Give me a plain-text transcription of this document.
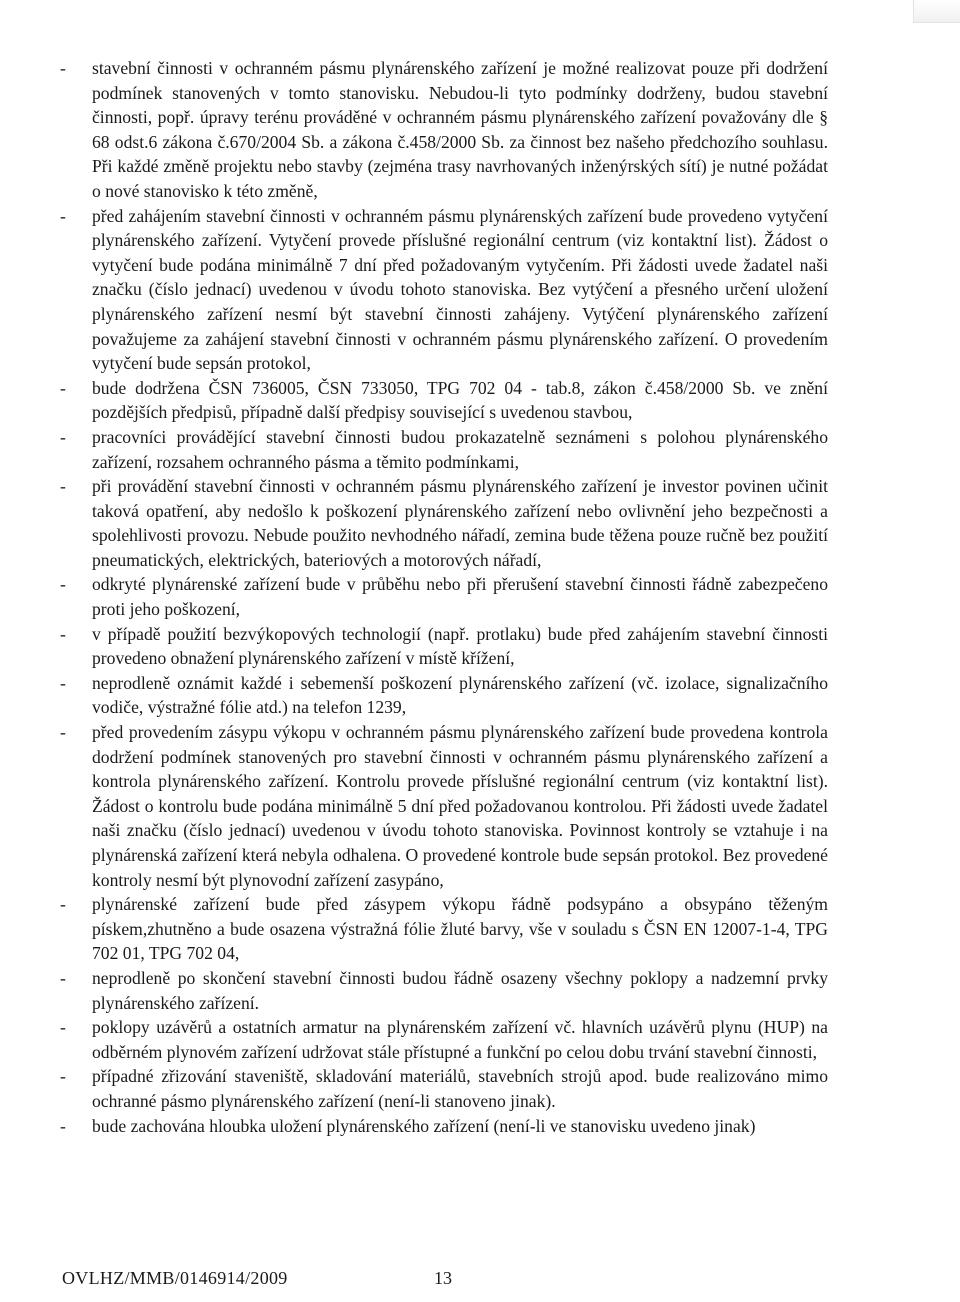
- stavební činnosti v ochranném pásmu plynárenského zařízení je možné realizovat pouze při dodržení podmínek stanovených v tomto stanovisku. Nebudou-li tyto podmínky dodrženy, budou stavební činnosti, popř. úpravy terénu prováděné v ochranném pásmu plynárenského zařízení považovány dle § 68 odst.6 zákona č.670/2004 Sb. a zákona č.458/2000 Sb. za činnost bez našeho předchozího souhlasu. Při každé změně projektu nebo stavby (zejména trasy navrhovaných inženýrských sítí) je nutné požádat o nové stanovisko k této změně,
- před zahájením stavební činnosti v ochranném pásmu plynárenských zařízení bude provedeno vytyčení plynárenského zařízení. Vytyčení provede příslušné regionální centrum (viz kontaktní list). Žádost o vytyčení bude podána minimálně 7 dní před požadovaným vytyčením. Při žádosti uvede žadatel naši značku (číslo jednací) uvedenou v úvodu tohoto stanoviska. Bez vytýčení a přesného určení uložení plynárenského zařízení nesmí být stavební činnosti zahájeny. Vytýčení plynárenského zařízení považujeme za zahájení stavební činnosti v ochranném pásmu plynárenského zařízení. O provedením vytyčení bude sepsán protokol,
- bude dodržena ČSN 736005, ČSN 733050, TPG 702 04 - tab.8, zákon č.458/2000 Sb. ve znění pozdějších předpisů, případně další předpisy související s uvedenou stavbou,
- pracovníci provádějící stavební činnosti budou prokazatelně seznámeni s polohou plynárenského zařízení, rozsahem ochranného pásma a těmito podmínkami,
- při provádění stavební činnosti v ochranném pásmu plynárenského zařízení je investor povinen učinit taková opatření, aby nedošlo k poškození plynárenského zařízení nebo ovlivnění jeho bezpečnosti a spolehlivosti provozu. Nebude použito nevhodného nářadí, zemina bude těžena pouze ručně bez použití pneumatických, elektrických, bateriových a motorových nářadí,
- odkryté plynárenské zařízení bude v průběhu nebo při přerušení stavební činnosti řádně zabezpečeno proti jeho poškození,
- v případě použití bezvýkopových technologií (např. protlaku) bude před zahájením stavební činnosti provedeno obnažení plynárenského zařízení v místě křížení,
- neprodleně oznámit každé i sebemenší poškození plynárenského zařízení (vč. izolace, signalizačního vodiče, výstražné fólie atd.) na telefon 1239,
- před provedením zásypu výkopu v ochranném pásmu plynárenského zařízení bude provedena kontrola dodržení podmínek stanovených pro stavební činnosti v ochranném pásmu plynárenského zařízení a kontrola plynárenského zařízení. Kontrolu provede příslušné regionální centrum (viz kontaktní list). Žádost o kontrolu bude podána minimálně 5 dní před požadovanou kontrolou. Při žádosti uvede žadatel naši značku (číslo jednací) uvedenou v úvodu tohoto stanoviska. Povinnost kontroly se vztahuje i na plynárenská zařízení která nebyla odhalena. O provedené kontrole bude sepsán protokol. Bez provedené kontroly nesmí být plynovodní zařízení zasypáno,
- plynárenské zařízení bude před zásypem výkopu řádně podsypáno a obsypáno těženým pískem,zhutněno a bude osazena výstražná fólie žluté barvy, vše v souladu s ČSN EN 12007-1-4, TPG 702 01, TPG 702 04,
- neprodleně po skončení stavební činnosti budou řádně osazeny všechny poklopy a nadzemní prvky plynárenského zařízení.
- poklopy uzávěrů a ostatních armatur na plynárenském zařízení vč. hlavních uzávěrů plynu (HUP) na odběrném plynovém zařízení udržovat stále přístupné a funkční po celou dobu trvání stavební činnosti,
- případné zřizování staveniště, skladování materiálů, stavebních strojů apod. bude realizováno mimo ochranné pásmo plynárenského zařízení (není-li stanoveno jinak).
- bude zachována hloubka uložení plynárenského zařízení (není-li ve stanovisku uvedeno jinak)
OVLHZ/MMB/0146914/2009	13
